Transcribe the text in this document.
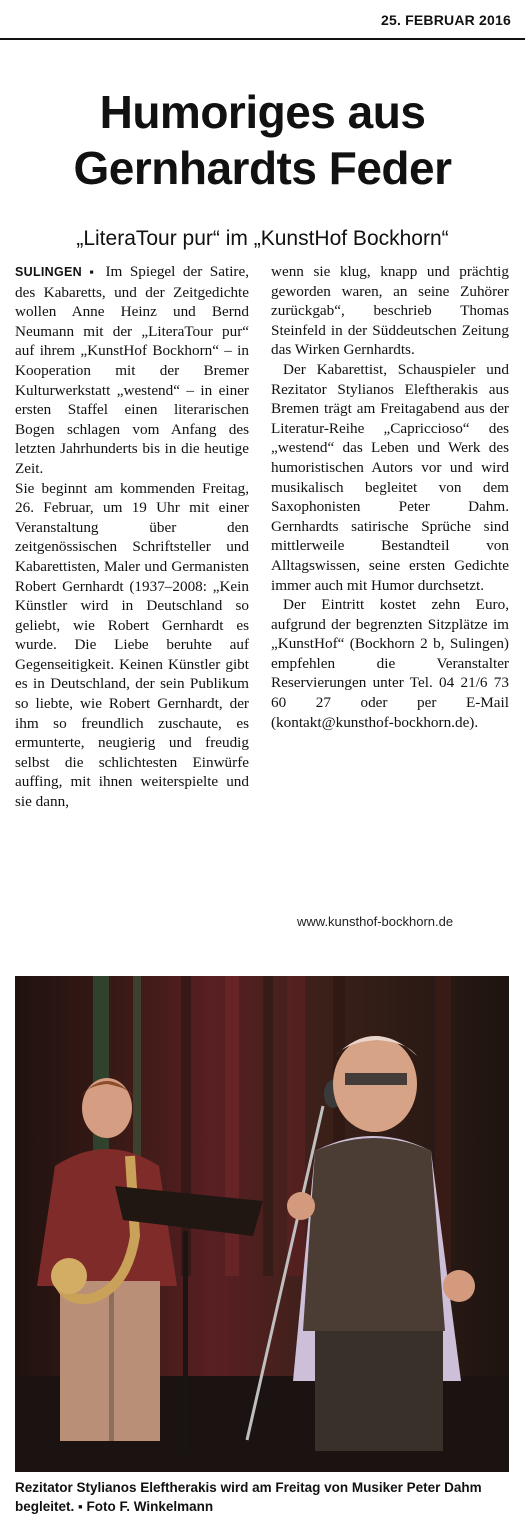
25. FEBRUAR 2016
Humoriges aus
Gernhardts Feder
„LiteraTour pur“ im „KunstHof Bockhorn“

SULINGEN ▪ Im Spiegel der Satire, des Kabaretts, und der Zeitgedichte wollen Anne Heinz und Bernd Neumann mit der „LiteraTour pur“ auf ihrem „KunstHof Bockhorn“ – in Kooperation mit der Bremer Kulturwerkstatt „westend“ – in einer ersten Staffel einen literarischen Bogen schlagen vom Anfang des letzten Jahrhunderts bis in die heutige Zeit.

Sie beginnt am kommenden Freitag, 26. Februar, um 19 Uhr mit einer Veranstaltung über den zeitgenössischen Schriftsteller und Kabarettisten, Maler und Germanisten Robert Gernhardt (1937–2008: „Kein Künstler wird in Deutschland so geliebt, wie Robert Gernhardt es wurde. Die Liebe beruhte auf Gegenseitigkeit. Keinen Künstler gibt es in Deutschland, der sein Publikum so liebte, wie Robert Gernhardt, der ihm so freundlich zuschaute, es ermunterte, neugierig und freudig selbst die schlichtesten Einwürfe auffing, mit ihnen weiterspielte und sie dann,

wenn sie klug, knapp und prächtig geworden waren, an seine Zuhörer zurückgab“, beschrieb Thomas Steinfeld in der Süddeutschen Zeitung das Wirken Gernhardts.

Der Kabarettist, Schauspieler und Rezitator Stylianos Eleftherakis aus Bremen trägt am Freitagabend aus der Literatur-Reihe „Capriccioso“ des „westend“ das Leben und Werk des humoristischen Autors vor und wird musikalisch begleitet von dem Saxophonisten Peter Dahm. Gernhardts satirische Sprüche sind mittlerweile Bestandteil von Alltagswissen, seine ersten Gedichte immer auch mit Humor durchsetzt.

Der Eintritt kostet zehn Euro, aufgrund der begrenzten Sitzplätze im „KunstHof“ (Bockhorn 2 b, Sulingen) empfehlen die Veranstalter Reservierungen unter Tel. 04 21/6 73 60 27 oder per E-Mail (kontakt@kunsthof-bockhorn.de).

www.kunsthof-bockhorn.de
Rezitator Stylianos Eleftherakis wird am Freitag von Musiker Peter Dahm begleitet. ▪ Foto F. Winkelmann
